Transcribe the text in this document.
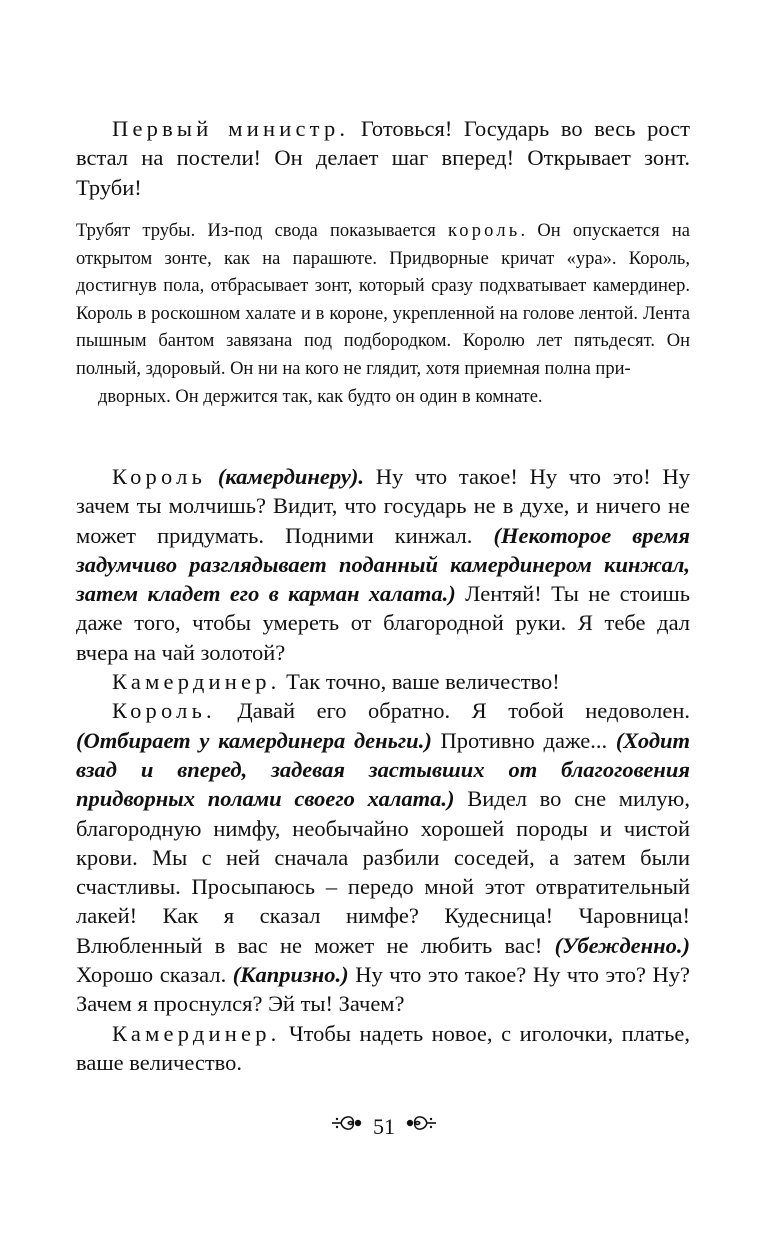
Первый министр. Готовься! Государь во весь рост встал на постели! Он делает шаг вперед! Открывает зонт. Труби!

Трубят трубы. Из-под свода показывается король. Он опускается на открытом зонте, как на парашюте. Придворные кричат «ура». Король, достигнув пола, отбрасывает зонт, который сразу подхватывает камердинер. Король в роскошном халате и в короне, укрепленной на голове лентой. Лента пышным бантом завязана под подбородком. Королю лет пятьдесят. Он полный, здоровый. Он ни на кого не глядит, хотя приемная полна при-
дворных. Он держится так, как будто он один в комнате.

Король (камердинеру). Ну что такое! Ну что это! Ну зачем ты молчишь? Видит, что государь не в духе, и ничего не может придумать. Подними кинжал. (Некоторое время задумчиво разглядывает поданный камердинером кинжал, затем кладет его в карман халата.) Лентяй! Ты не стоишь даже того, чтобы умереть от благородной руки. Я тебе дал вчера на чай золотой?

Камердинер. Так точно, ваше величество!

Король. Давай его обратно. Я тобой недоволен. (Отбирает у камердинера деньги.) Противно даже... (Ходит взад и вперед, задевая застывших от благоговения придворных полами своего халата.) Видел во сне милую, благородную нимфу, необычайно хорошей породы и чистой крови. Мы с ней сначала разбили соседей, а затем были счастливы. Просыпаюсь – передо мной этот отвратительный лакей! Как я сказал нимфе? Кудесница! Чаровница! Влюбленный в вас не может не любить вас! (Убежденно.) Хорошо сказал. (Капризно.) Ну что это такое? Ну что это? Ну? Зачем я проснулся? Эй ты! Зачем?

Камердинер. Чтобы надеть новое, с иголочки, платье, ваше величество.

51
